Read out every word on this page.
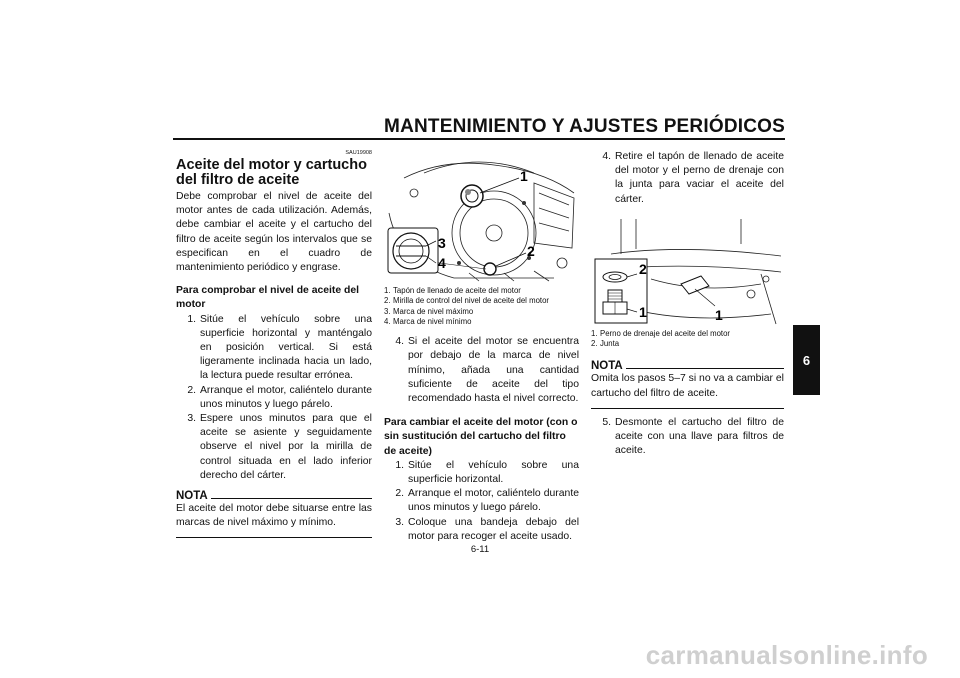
MANTENIMIENTO Y AJUSTES PERIÓDICOS
6
SAU19908
Aceite del motor y cartucho del filtro de aceite
Debe comprobar el nivel de aceite del motor antes de cada utilización. Además, debe cambiar el aceite y el cartucho del filtro de aceite según los intervalos que se especifican en el cuadro de mantenimiento periódico y engrase.
Para comprobar el nivel de aceite del motor
1. Sitúe el vehículo sobre una superficie horizontal y manténgalo en posición vertical. Si está ligeramente inclinada hacia un lado, la lectura puede resultar errónea.
2. Arranque el motor, caliéntelo durante unos minutos y luego párelo.
3. Espere unos minutos para que el aceite se asiente y seguidamente observe el nivel por la mirilla de control situada en el lado inferior derecho del cárter.
NOTA
El aceite del motor debe situarse entre las marcas de nivel máximo y mínimo.
1
2
3
4
1. Tapón de llenado de aceite del motor
2. Mirilla de control del nivel de aceite del motor
3. Marca de nivel máximo
4. Marca de nivel mínimo
4. Si el aceite del motor se encuentra por debajo de la marca de nivel mínimo, añada una cantidad suficiente de aceite del tipo recomendado hasta el nivel correcto.
Para cambiar el aceite del motor (con o sin sustitución del cartucho del filtro de aceite)
1. Sitúe el vehículo sobre una superficie horizontal.
2. Arranque el motor, caliéntelo durante unos minutos y luego párelo.
3. Coloque una bandeja debajo del motor para recoger el aceite usado.
4. Retire el tapón de llenado de aceite del motor y el perno de drenaje con la junta para vaciar el aceite del cárter.
2
1	1
1. Perno de drenaje del aceite del motor
2. Junta
NOTA
Omita los pasos 5–7 si no va a cambiar el cartucho del filtro de aceite.
5. Desmonte el cartucho del filtro de aceite con una llave para filtros de aceite.
6-11
carmanualsonline.info
